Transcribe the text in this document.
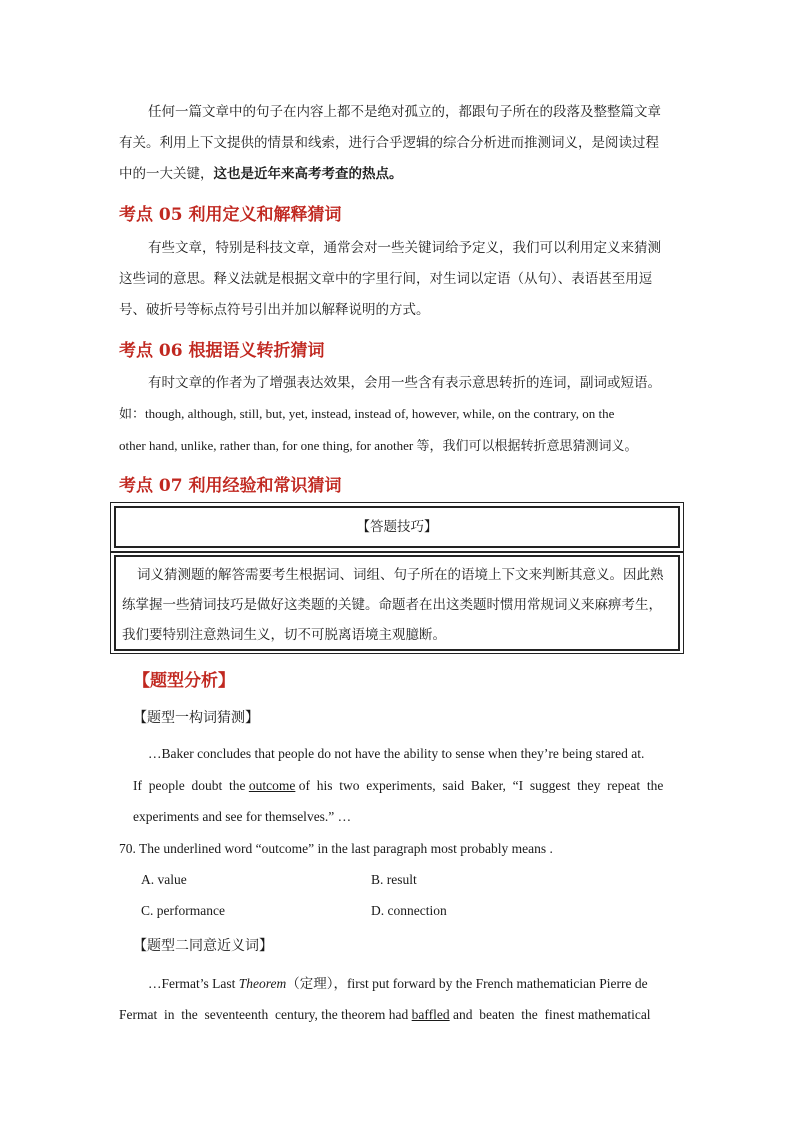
任何一篇文章中的句子在内容上都不是绝对孤立的，都跟句子所在的段落及整整篇文章

有关。利用上下文提供的情景和线索，进行合乎逻辑的综合分析进而推测词义，是阅读过程

中的一大关键，这也是近年来高考考查的热点。

考点 05 利用定义和解释猜词

有些文章，特别是科技文章，通常会对一些关键词给予定义，我们可以利用定义来猜测

这些词的意思。释义法就是根据文章中的字里行间，对生词以定语（从句）、表语甚至用逗

号、破折号等标点符号引出并加以解释说明的方式。

考点 06 根据语义转折猜词

有时文章的作者为了增强表达效果，会用一些含有表示意思转折的连词，副词或短语。

如：though, although, still, but, yet, instead, instead of, however, while, on the contrary, on the

other hand, unlike, rather than, for one thing, for another 等，我们可以根据转折意思猜测词义。

考点 07 利用经验和常识猜词
【答题技巧】

词义猜测题的解答需要考生根据词、词组、句子所在的语境上下文来判断其意义。因此熟

练掌握一些猜词技巧是做好这类题的关键。命题者在出这类题时惯用常规词义来麻痹考生，

我们要特别注意熟词生义，切不可脱离语境主观臆断。

【题型分析】

【题型一构词猜测】

…Baker concludes that people do not have the ability to sense when they’re being stared at.

If  people  doubt  the outcome of  his  two  experiments,  said  Baker,  “I  suggest  they  repeat  the

experiments and see for themselves.” …

70. The underlined word “outcome” in the last paragraph most probably means .

A. value	B. result

C. performance	D. connection

【题型二同意近义词】

…Fermat’s Last Theorem（定理），first put forward by the French mathematician Pierre de

Fermat  in  the  seventeenth  century, the theorem had baffled and  beaten  the  finest mathematical
